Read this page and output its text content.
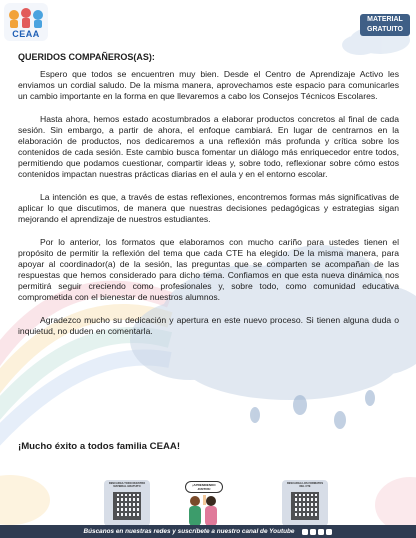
CEAA
MATERIAL
GRATUITO

QUERIDOS COMPAÑEROS(AS):

Espero que todos se encuentren muy bien. Desde el Centro de Aprendizaje Activo les enviamos un cordial saludo. De la misma manera, aprovechamos este espacio para comunicarles un cambio importante en la forma en que llevaremos a cabo los Consejos Técnicos Escolares.

Hasta ahora, hemos estado acostumbrados a elaborar productos concretos al final de cada sesión. Sin embargo, a partir de ahora, el enfoque cambiará. En lugar de centrarnos en la elaboración de productos, nos dedicaremos a una reflexión más profunda y crítica sobre los contenidos de cada sesión. Este cambio busca fomentar un diálogo más enriquecedor entre todos, permitiendo que podamos cuestionar, compartir ideas y, sobre todo, reflexionar sobre cómo estos contenidos impactan nuestras prácticas diarias en el aula y en el entorno escolar.

La intención es que, a través de estas reflexiones, encontremos formas más significativas de aplicar lo que discutimos, de manera que nuestras decisiones pedagógicas y estrategias sigan mejorando el aprendizaje de nuestros estudiantes.

Por lo anterior, los formatos que elaboramos con mucho cariño para ustedes tienen el propósito de permitir la reflexión del tema que cada CTE ha elegido. De la misma manera, para apoyar al coordinador(a) de la sesión, las preguntas que se comparten se acompañan de las respuestas que hemos considerado para dicho tema. Confiamos en que esta nueva dinámica nos permitirá seguir creciendo como profesionales y, sobre todo, como comunidad educativa comprometida con el bienestar de nuestros alumnos.

Agradezco mucho su dedicación y apertura en este nuevo proceso. Si tienen alguna duda o inquietud, no duden en comentarla.

¡Mucho éxito a todos familia CEAA!
DESCARGA TODO NUESTRO MATERIAL GRATUITO	¡APRENDIENDO JUNTOS!
DESCARGA LOS FORMATOS DEL CTE
Búscanos en nuestras redes y suscríbete a nuestro canal de Youtube
